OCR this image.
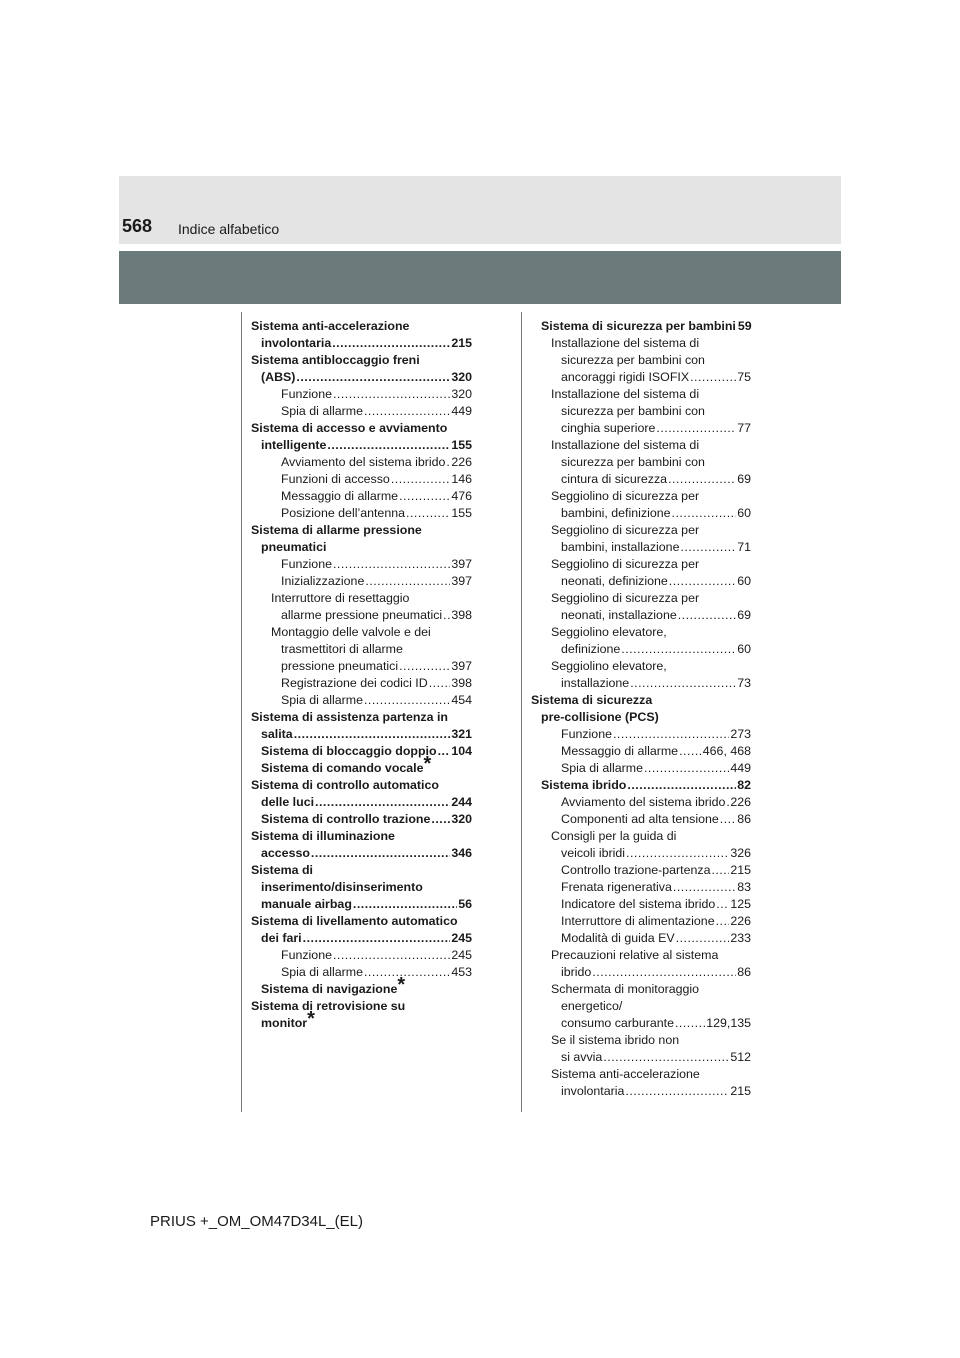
568 Indice alfabetico
Sistema anti-accelerazione
involontaria .....	215
Sistema antibloccaggio freni
(ABS) .....	320
Funzione .....	320
Spia di allarme .....	449
Sistema di accesso e avviamento
intelligente .....	155
Avviamento del sistema ibrido ..... 226
Funzioni di accesso .....	146
Messaggio di allarme .....	476
Posizione dell’antenna .....	155
Sistema di allarme pressione
pneumatici
Funzione .....	397
Inizializzazione .....	397
Interruttore di resettaggio
allarme pressione pneumatici ..... 398
Montaggio delle valvole e dei
trasmettitori di allarme
pressione pneumatici .....	397
Registrazione dei codici ID ..... 398
Spia di allarme .....	454
Sistema di assistenza partenza in
salita .....	321
Sistema di bloccaggio doppio ..... 104
Sistema di comando vocale *
Sistema di controllo automatico
delle luci .....	244
Sistema di controllo trazione ..... 320
Sistema di illuminazione
accesso .....	346
Sistema di
inserimento/disinserimento
manuale airbag .....	56
Sistema di livellamento automatico
dei fari .....	245
Funzione .....	245
Spia di allarme .....	453
Sistema di navigazione *
Sistema di retrovisione su
monitor *
Sistema di sicurezza per bambini 59
Installazione del sistema di
sicurezza per bambini con
ancoraggi rigidi ISOFIX .....	75
Installazione del sistema di
sicurezza per bambini con
cinghia superiore .....	77
Installazione del sistema di
sicurezza per bambini con
cintura di sicurezza .....	69
Seggiolino di sicurezza per
bambini, definizione .....	60
Seggiolino di sicurezza per
bambini, installazione .....	71
Seggiolino di sicurezza per
neonati, definizione .....	60
Seggiolino di sicurezza per
neonati, installazione .....	69
Seggiolino elevatore,
definizione .....	60
Seggiolino elevatore,
installazione .....	73
Sistema di sicurezza
pre-collisione (PCS)
Funzione .....	273
Messaggio di allarme ..... 466, 468
Spia di allarme .....	449
Sistema ibrido .....	82
Avviamento del sistema ibrido ..... 226
Componenti ad alta tensione ..... 86
Consigli per la guida di
veicoli ibridi .....	326
Controllo trazione-partenza ..... 215
Frenata rigenerativa .....	83
Indicatore del sistema ibrido ..... 125
Interruttore di alimentazione ..... 226
Modalità di guida EV .....	233
Precauzioni relative al sistema
ibrido .....	86
Schermata di monitoraggio
energetico/
consumo carburante .....	129,135
Se il sistema ibrido non
si avvia .....	512
Sistema anti-accelerazione
involontaria .....	215
PRIUS +_OM_OM47D34L_(EL)
